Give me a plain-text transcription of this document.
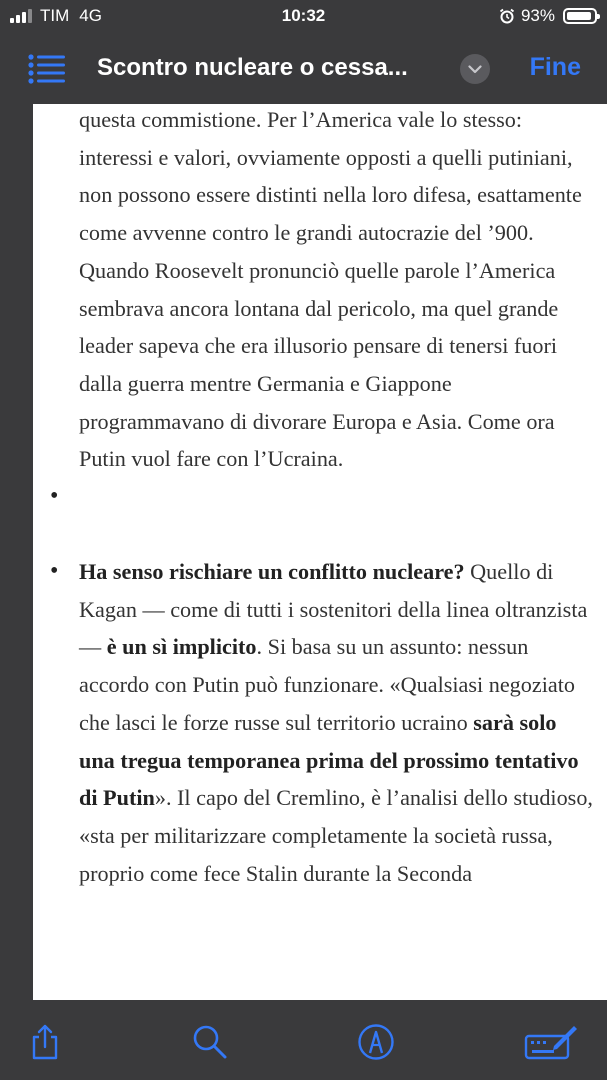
TIM 4G	10:32	93%
Scontro nucleare o cessa...	Fine

questa commistione. Per l’America vale lo stesso: interessi e valori, ovviamente opposti a quelli putiniani, non possono essere distinti nella loro difesa, esattamente come avvenne contro le grandi autocrazie del ’900. Quando Roosevelt pronunciò quelle parole l’America sembrava ancora lontana dal pericolo, ma quel grande leader sapeva che era illusorio pensare di tenersi fuori dalla guerra mentre Germania e Giappone programmavano di divorare Europa e Asia. Come ora Putin vuol fare con l’Ucraina.

•
• Ha senso rischiare un conflitto nucleare? Quello di Kagan — come di tutti i sostenitori della linea oltranzista — è un sì implicito. Si basa su un assunto: nessun accordo con Putin può funzionare. «Qualsiasi negoziato che lasci le forze russe sul territorio ucraino sarà solo una tregua temporanea prima del prossimo tentativo di Putin». Il capo del Cremlino, è l’analisi dello studioso, «sta per militarizzare completamente la società russa, proprio come fece Stalin durante la Seconda
